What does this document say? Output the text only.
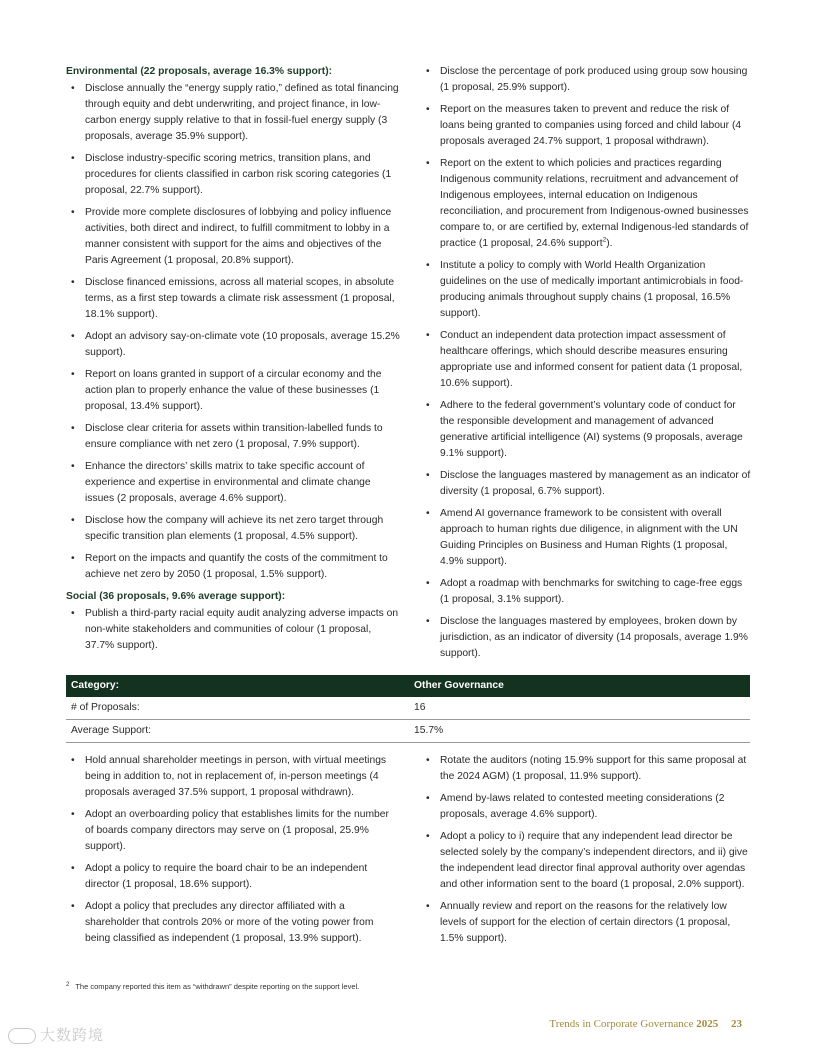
Environmental (22 proposals, average 16.3% support):

• Disclose annually the “energy supply ratio,” defined as total financing through equity and debt underwriting, and project finance, in low-carbon energy supply relative to that in fossil-fuel energy supply (3 proposals, average 35.9% support).
• Disclose industry-specific scoring metrics, transition plans, and procedures for clients classified in carbon risk scoring categories (1 proposal, 22.7% support).
• Provide more complete disclosures of lobbying and policy influence activities, both direct and indirect, to fulfill commitment to lobby in a manner consistent with support for the aims and objectives of the Paris Agreement (1 proposal, 20.8% support).
• Disclose financed emissions, across all material scopes, in absolute terms, as a first step towards a climate risk assessment (1 proposal, 18.1% support).
• Adopt an advisory say-on-climate vote (10 proposals, average 15.2% support).
• Report on loans granted in support of a circular economy and the action plan to properly enhance the value of these businesses (1 proposal, 13.4% support).
• Disclose clear criteria for assets within transition-labelled funds to ensure compliance with net zero (1 proposal, 7.9% support).
• Enhance the directors’ skills matrix to take specific account of experience and expertise in environmental and climate change issues (2 proposals, average 4.6% support).
• Disclose how the company will achieve its net zero target through specific transition plan elements (1 proposal, 4.5% support).
• Report on the impacts and quantify the costs of the commitment to achieve net zero by 2050 (1 proposal, 1.5% support).

Social (36 proposals, 9.6% average support):

• Publish a third-party racial equity audit analyzing adverse impacts on non-white stakeholders and communities of colour (1 proposal, 37.7% support).
• Disclose the percentage of pork produced using group sow housing (1 proposal, 25.9% support).
• Report on the measures taken to prevent and reduce the risk of loans being granted to companies using forced and child labour (4 proposals averaged 24.7% support, 1 proposal withdrawn).
• Report on the extent to which policies and practices regarding Indigenous community relations, recruitment and advancement of Indigenous employees, internal education on Indigenous reconciliation, and procurement from Indigenous-owned businesses compare to, or are certified by, external Indigenous-led standards of practice (1 proposal, 24.6% support$^2$).
• Institute a policy to comply with World Health Organization guidelines on the use of medically important antimicrobials in food-producing animals throughout supply chains (1 proposal, 16.5% support).
• Conduct an independent data protection impact assessment of healthcare offerings, which should describe measures ensuring appropriate use and informed consent for patient data (1 proposal, 10.6% support).
• Adhere to the federal government’s voluntary code of conduct for the responsible development and management of advanced generative artificial intelligence (AI) systems (9 proposals, average 9.1% support).
• Disclose the languages mastered by management as an indicator of diversity (1 proposal, 6.7% support).
• Amend AI governance framework to be consistent with overall approach to human rights due diligence, in alignment with the UN Guiding Principles on Business and Human Rights (1 proposal, 4.9% support).
• Adopt a roadmap with benchmarks for switching to cage-free eggs (1 proposal, 3.1% support).
• Disclose the languages mastered by employees, broken down by jurisdiction, as an indicator of diversity (14 proposals, average 1.9% support).
Category:	Other Governance
# of Proposals:	16
Average Support:	15.7%
• Hold annual shareholder meetings in person, with virtual meetings being in addition to, not in replacement of, in-person meetings (4 proposals averaged 37.5% support, 1 proposal withdrawn).
• Adopt an overboarding policy that establishes limits for the number of boards company directors may serve on (1 proposal, 25.9% support).
• Adopt a policy to require the board chair to be an independent director (1 proposal, 18.6% support).
• Adopt a policy that precludes any director affiliated with a shareholder that controls 20% or more of the voting power from being classified as independent (1 proposal, 13.9% support).
• Rotate the auditors (noting 15.9% support for this same proposal at the 2024 AGM) (1 proposal, 11.9% support).
• Amend by-laws related to contested meeting considerations (2 proposals, average 4.6% support).
• Adopt a policy to i) require that any independent lead director be selected solely by the company’s independent directors, and ii) give the independent lead director final approval authority over agendas and other information sent to the board (1 proposal, 2.0% support).
• Annually review and report on the reasons for the relatively low levels of support for the election of certain directors (1 proposal, 1.5% support).
$^2$ The company reported this item as “withdrawn” despite reporting on the support level.
Trends in Corporate Governance 2025 23
大数跨境
